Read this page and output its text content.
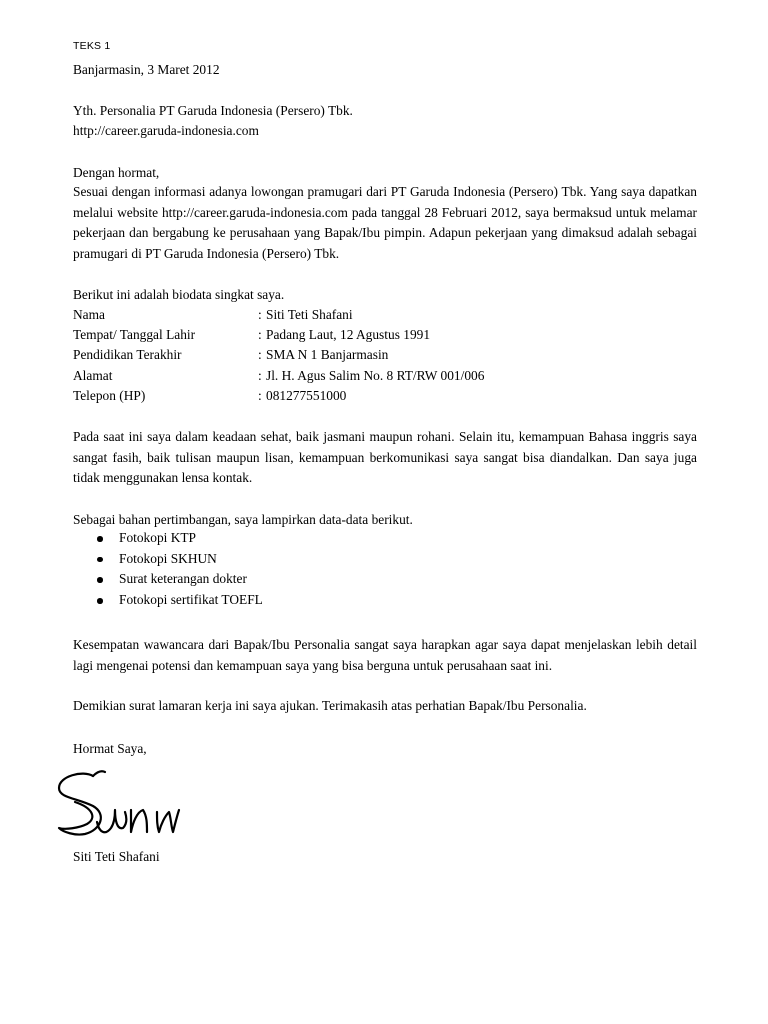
TEKS 1
Banjarmasin, 3 Maret 2012
Yth. Personalia PT Garuda Indonesia (Persero) Tbk.
http://career.garuda-indonesia.com
Dengan hormat,

Sesuai dengan informasi adanya lowongan pramugari dari PT Garuda Indonesia (Persero) Tbk. Yang saya dapatkan melalui website http://career.garuda-indonesia.com pada tanggal 28 Februari 2012, saya bermaksud untuk melamar pekerjaan dan bergabung ke perusahaan yang Bapak/Ibu pimpin. Adapun pekerjaan yang dimaksud adalah sebagai pramugari di PT Garuda Indonesia (Persero) Tbk.

Berikut ini adalah biodata singkat saya.
Nama	: Siti Teti Shafani
Tempat/ Tanggal Lahir	: Padang Laut, 12 Agustus 1991
Pendidikan Terakhir	: SMA N 1 Banjarmasin
Alamat	: Jl. H. Agus Salim No. 8 RT/RW 001/006
Telepon (HP)	: 081277551000

Pada saat ini saya dalam keadaan sehat, baik jasmani maupun rohani. Selain itu, kemampuan Bahasa inggris saya sangat fasih, baik tulisan maupun lisan, kemampuan berkomunikasi saya sangat bisa diandalkan. Dan saya juga tidak menggunakan lensa kontak.

Sebagai bahan pertimbangan, saya lampirkan data-data berikut.
Fotokopi KTP
Fotokopi SKHUN
Surat keterangan dokter
Fotokopi sertifikat TOEFL

Kesempatan wawancara dari Bapak/Ibu Personalia sangat saya harapkan agar saya dapat menjelaskan lebih detail lagi mengenai potensi dan kemampuan saya yang bisa berguna untuk perusahaan saat ini.

Demikian surat lamaran kerja ini saya ajukan. Terimakasih atas perhatian Bapak/Ibu Personalia.

Hormat Saya,
Siti Teti Shafani
